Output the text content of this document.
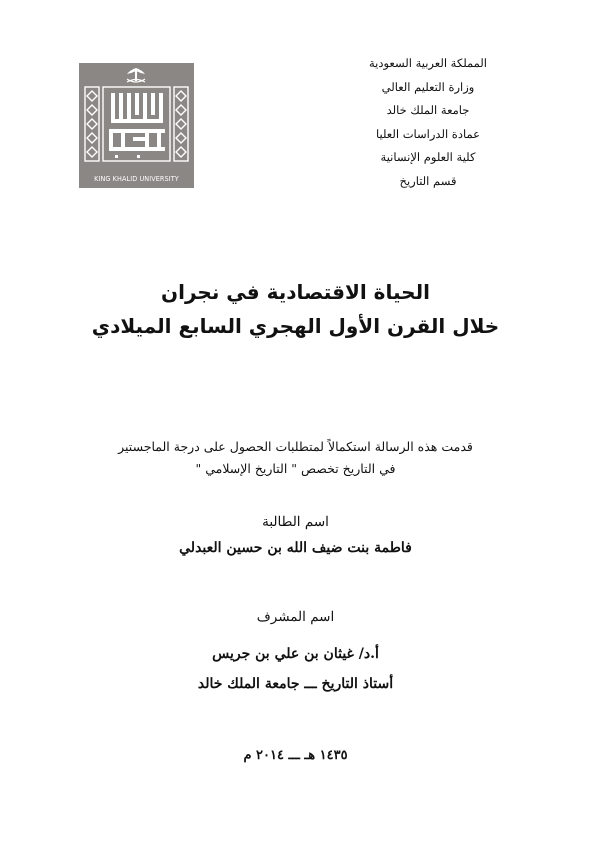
المملكة العربية السعودية
وزارة التعليم العالي
جامعة الملك خالد
عمادة الدراسات العليا
كلية العلوم الإنسانية
قسم التاريخ
KING KHALID UNIVERSITY
الحياة الاقتصادية في نجران
خلال القرن الأول الهجري السابع الميلادي
قدمت هذه الرسالة استكمالاً لمتطلبات الحصول على درجة الماجستير
في التاريخ تخصص " التاريخ الإسلامي "
اسم الطالبة
فاطمة بنت ضيف الله بن حسين العبدلي
اسم المشرف
أ.د/ غيثان بن علي بن جريس
أستاذ التاريخ ـــ جامعة الملك خالد
١٤٣٥ هـ ـــ ٢٠١٤ م
